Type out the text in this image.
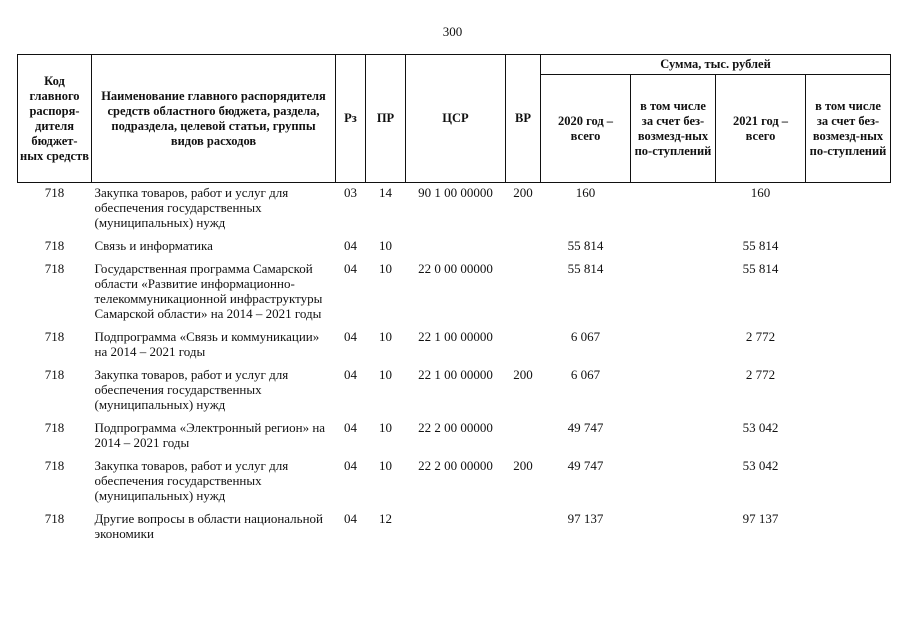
300
Код главного распоря-дителя бюджет-ных средств	Наименование главного распорядителя средств областного бюджета, раздела, подраздела, целевой статьи, группы видов расходов	Рз	ПР	ЦСР	ВР	Сумма, тыс. рублей			
						2020 год – всего	в том числе за счет без-возмезд-ных по-ступлений	2021 год – всего	в том числе за счет без-возмезд-ных по-ступлений
718	Закупка товаров, работ и услуг для обеспечения государственных (муниципальных) нужд	03	14	90 1 00 00000	200	160		160	
718	Связь и информатика	04	10			55 814		55 814	
718	Государственная программа Самарской области «Развитие информационно-телекоммуникационной инфраструктуры Самарской области» на 2014 – 2021 годы	04	10	22 0 00 00000		55 814		55 814	
718	Подпрограмма «Связь и коммуникации» на 2014 – 2021 годы	04	10	22 1 00 00000		6 067		2 772	
718	Закупка товаров, работ и услуг для обеспечения государственных (муниципальных) нужд	04	10	22 1 00 00000	200	6 067		2 772	
718	Подпрограмма «Электронный регион» на 2014 – 2021 годы	04	10	22 2 00 00000		49 747		53 042	
718	Закупка товаров, работ и услуг для обеспечения государственных (муниципальных) нужд	04	10	22 2 00 00000	200	49 747		53 042	
718	Другие вопросы в области национальной экономики	04	12			97 137		97 137	
